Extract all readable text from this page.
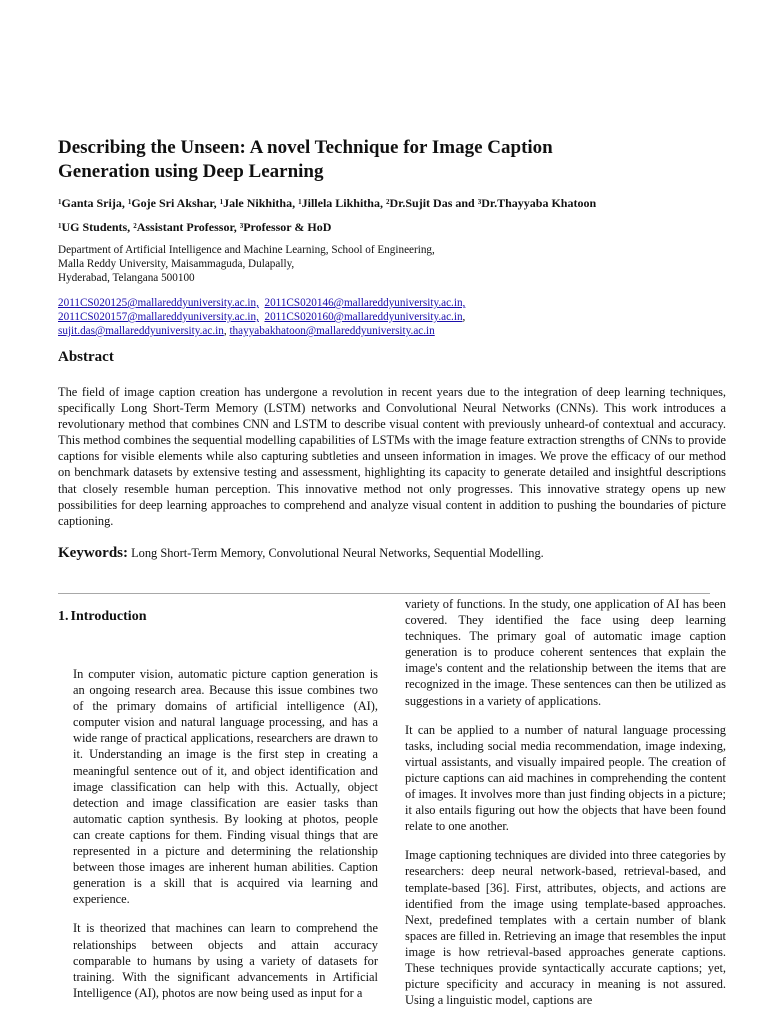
Describing the Unseen: A novel Technique for Image Caption Generation using Deep Learning
$^1$Ganta Srija, $^1$Goje Sri Akshar, $^1$Jale Nikhitha, $^1$Jillela Likhitha, $^2$Dr.Sujit Das and $^3$Dr.Thayyaba Khatoon
$^1$UG Students, $^2$Assistant Professor, $^3$Professor & HoD
Department of Artificial Intelligence and Machine Learning, School of Engineering,
Malla Reddy University, Maisammaguda, Dulapally,
Hyderabad, Telangana 500100
2011CS020125@mallareddyuniversity.ac.in, 2011CS020146@mallareddyuniversity.ac.in,
2011CS020157@mallareddyuniversity.ac.in, 2011CS020160@mallareddyuniversity.ac.in,
sujit.das@mallareddyuniversity.ac.in, thayyabakhatoon@mallareddyuniversity.ac.in
Abstract

The field of image caption creation has undergone a revolution in recent years due to the integration of deep learning techniques, specifically Long Short-Term Memory (LSTM) networks and Convolutional Neural Networks (CNNs). This work introduces a revolutionary method that combines CNN and LSTM to describe visual content with previously unheard-of contextual and accuracy. This method combines the sequential modelling capabilities of LSTMs with the image feature extraction strengths of CNNs to provide captions for visible elements while also capturing subtleties and unseen information in images. We prove the efficacy of our method on benchmark datasets by extensive testing and assessment, highlighting its capacity to generate detailed and insightful descriptions that closely resemble human perception. This innovative method not only progresses. This innovative strategy opens up new possibilities for deep learning approaches to comprehend and analyze visual content in addition to pushing the boundaries of picture captioning.

Keywords: Long Short-Term Memory, Convolutional Neural Networks, Sequential Modelling.
1. Introduction

In computer vision, automatic picture caption generation is an ongoing research area. Because this issue combines two of the primary domains of artificial intelligence (AI), computer vision and natural language processing, and has a wide range of practical applications, researchers are drawn to it. Understanding an image is the first step in creating a meaningful sentence out of it, and object identification and image classification can help with this. Actually, object detection and image classification are easier tasks than automatic caption synthesis. By looking at photos, people can create captions for them. Finding visual things that are represented in a picture and determining the relationship between those images are inherent human abilities. Caption generation is a skill that is acquired via learning and experience.

It is theorized that machines can learn to comprehend the relationships between objects and attain accuracy comparable to humans by using a variety of datasets for training. With the significant advancements in Artificial Intelligence (AI), photos are now being used as input for a

variety of functions. In the study, one application of AI has been covered. They identified the face using deep learning techniques. The primary goal of automatic image caption generation is to produce coherent sentences that explain the image's content and the relationship between the items that are recognized in the image. These sentences can then be utilized as suggestions in a variety of applications.

It can be applied to a number of natural language processing tasks, including social media recommendation, image indexing, virtual assistants, and visually impaired people. The creation of picture captions can aid machines in comprehending the content of images. It involves more than just finding objects in a picture; it also entails figuring out how the objects that have been found relate to one another.

Image captioning techniques are divided into three categories by researchers: deep neural network-based, retrieval-based, and template-based [36]. First, attributes, objects, and actions are identified from the image using template-based approaches. Next, predefined templates with a certain number of blank spaces are filled in. Retrieving an image that resembles the input image is how retrieval-based approaches generate captions. These techniques provide syntactically accurate captions; yet, picture specificity and accuracy in meaning is not assured. Using a linguistic model, captions are
